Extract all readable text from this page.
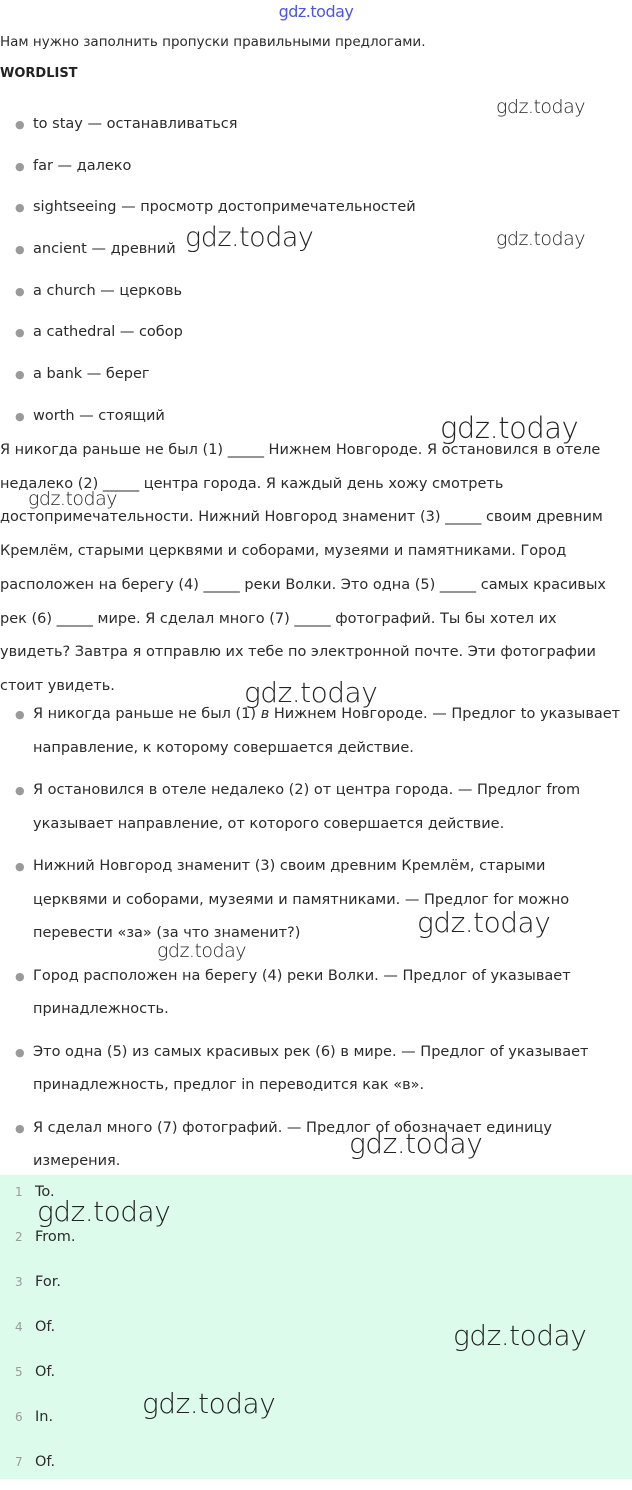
gdz.today
Нам нужно заполнить пропуски правильными предлогами.
WORDLIST
● to stay — останавливаться
● far — далеко
● sightseeing — просмотр достопримечательностей
● ancient — древний
● a church — церковь
● a cathedral — собор
● a bank — берег
● worth — стоящий

Я никогда раньше не был (1) _____ Нижнем Новгороде. Я остановился в отеле
недалеко (2) _____ центра города. Я каждый день хожу смотреть
достопримечательности. Нижний Новгород знаменит (3) _____ своим древним
Кремлём, старыми церквями и соборами, музеями и памятниками. Город
расположен на берегу (4) _____ реки Волки. Это одна (5) _____ самых красивых
рек (6) _____ мире. Я сделал много (7) _____ фотографий. Ты бы хотел их
увидеть? Завтра я отправлю их тебе по электронной почте. Эти фотографии
стоит увидеть.

● Я никогда раньше не был (1) в Нижнем Новгороде. — Предлог to указывает
направление, к которому совершается действие.
● Я остановился в отеле недалеко (2) от центра города. — Предлог from
указывает направление, от которого совершается действие.
● Нижний Новгород знаменит (3) своим древним Кремлём, старыми
церквями и соборами, музеями и памятниками. — Предлог for можно
перевести «за» (за что знаменит?)
● Город расположен на берегу (4) реки Волки. — Предлог of указывает
принадлежность.
● Это одна (5) из самых красивых рек (6) в мире. — Предлог of указывает
принадлежность, предлог in переводится как «в».
● Я сделал много (7) фотографий. — Предлог of обозначает единицу
измерения.
1 To.
2 From.
3 For.
4 Of.
5 Of.
6 In.
7 Of.
gdz.today
gdz.today	gdz.today
gdz.today
gdz.today
gdz.today
gdz.today
gdz.today
gdz.today
gdz.today
gdz.today
gdz.today
